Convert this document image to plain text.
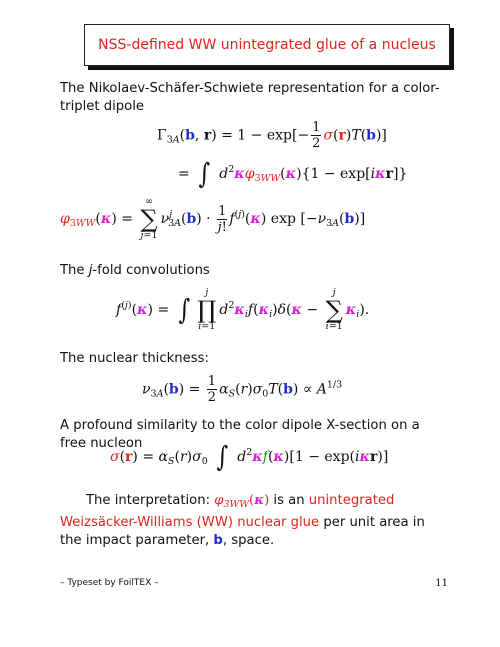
NSS-defined WW unintegrated glue of a nucleus
The Nikolaev-Schäfer-Schwiete representation for a color-triplet dipole
$\Gamma_{3A}(b$, $r) = 1 - \exp[- \frac{1}{2} \sigma(r)T(b)]$
= ∫ $d^2\kappa\varphi_{3WW}(\kappa)\{1 - \exp[i\kappa r]\}$
$\varphi_{3WW}(\kappa)$ =
∞
∑
j=1
$\nu^j_{3A}(b) \cdot \frac{1}{j!} f^{(j)}(\kappa)$ $\exp [-\nu_{3A}(b)]$
The j-fold convolutions
$f^{(j)}(\kappa)$ = ∫
j
∏
i=1
$d^2\kappa_if(\kappa_i)\delta(\kappa$ −
j
∑
i=1
$\kappa_i$).
The nuclear thickness:
$\nu_{3A}(b) = \frac{1}{2} \alpha_S(r)\sigma_0T(b) \propto A^{1/3}$
A profound similarity to the color dipole X-section on a free nucleon
$\sigma(r) = \alpha_S(r)\sigma_0$ ∫ $d^2\kappa f(\kappa)[1 - \exp(i\kappa r)]$
The interpretation: $\varphi_{3WW}(\kappa)$ is an unintegrated Weizsäcker-Williams (WW) nuclear glue per unit area in the impact parameter, b, space.
– Typeset by FoilTEX –	11
